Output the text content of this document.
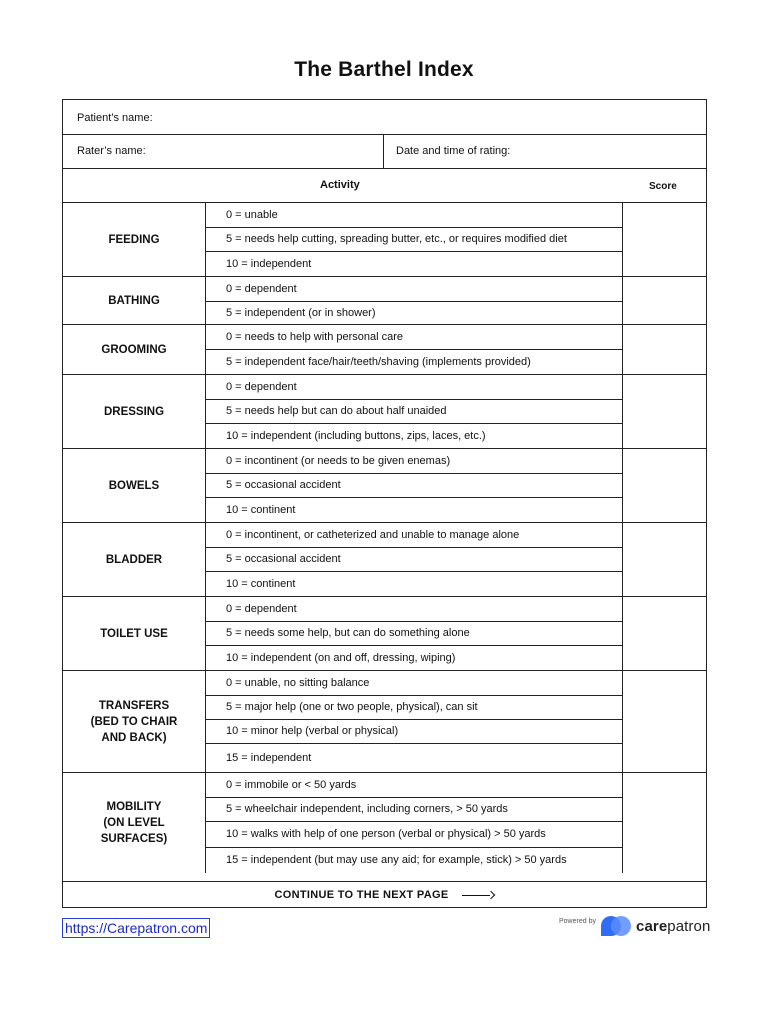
The Barthel Index
Patient’s name:
Rater’s name:	Date and time of rating:
Activity	Score
FEEDING
0 = unable
5 = needs help cutting, spreading butter, etc., or requires modified diet
10 = independent
BATHING
0 = dependent
5 = independent (or in shower)
GROOMING
0 = needs to help with personal care
5 = independent face/hair/teeth/shaving (implements provided)
DRESSING
0 = dependent
5 = needs help but can do about half unaided
10 = independent (including buttons, zips, laces, etc.)
BOWELS
0 = incontinent (or needs to be given enemas)
5 = occasional accident
10 = continent
BLADDER
0 = incontinent, or catheterized and unable to manage alone
5 = occasional accident
10 = continent
TOILET USE
0 = dependent
5 = needs some help, but can do something alone
10 = independent (on and off, dressing, wiping)
TRANSFERS
(BED TO CHAIR
AND BACK)
0 = unable, no sitting balance
5 = major help (one or two people, physical), can sit
10 = minor help (verbal or physical)
15 = independent
MOBILITY
(ON LEVEL
SURFACES)
0 = immobile or < 50 yards
5 = wheelchair independent, including corners, > 50 yards
10 = walks with help of one person (verbal or physical) > 50 yards
15 = independent (but may use any aid; for example, stick) > 50 yards
CONTINUE TO THE NEXT PAGE
https://Carepatron.com	Powered by	carepatron
